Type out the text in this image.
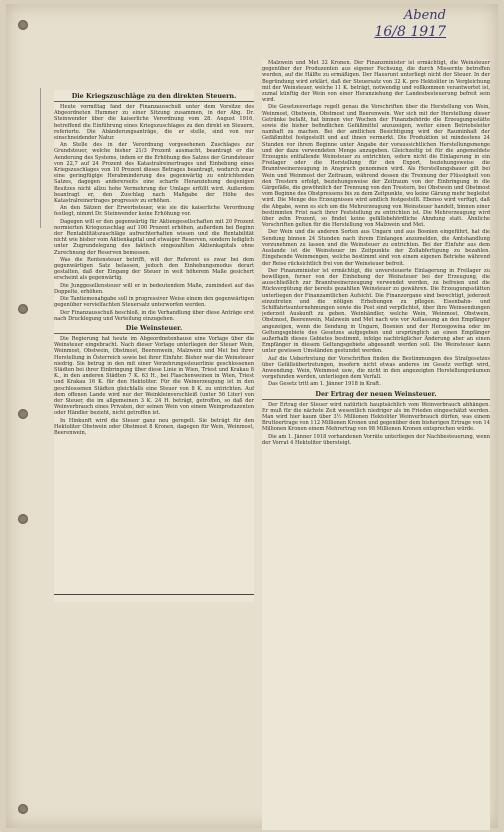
Abend
16/8 1917
Die Kriegszuschläge zu den direkten Steuern.

Heute vormittag fand der Finanzausschuß unter dem Vorsitze des Abgeordneten Hummer zu einer Sitzung zusammen, in der Abg. Dr. Steinwender über die kaiserliche Verordnung vom 28. August 1916, betreffend die Einführung eines Kriegszuschlages zu den direkt en Steuern, referierte. Die Abänderungsanträge, die er stelle, sind von nur einschneidender Natur.

An Stelle des in der Verordnung vorgesehenen Zuschlages zur Grundsteuer, welche bisher 21/3 Prozent ausmacht, beantragt er die Aenderung des Systems, indem er die Erhöhung des Satzes der Grundsteuer von 22,7 auf 24 Prozent des Katastralreinertrages und Einhebung eines Kriegszuschlages von 10 Prozent dieses Betrages beantragt, wodurch zwar eine geringfügige Herabminderung des gegenwärtig zu entrichtenden Satzes, dagegen andererseits eine scharfe Heranziehung desjenigen Besitzes nicht allzu hohe Vermehrung der Umlage erfüllt wird. Außerdem beantragt er, den Zuschlag nach Maßgabe der Höhe des Katastralreinertrages progressiv zu erhöhen.

An den Sätzen der Erwerbsteuer, wie sie die kaiserliche Verordnung festlegt, nimmt Dr. Steinwender keine Erhöhung vor.

Dagegen will er den gegenwärtig für Aktiengesellschaften mit 20 Prozent normierten Kriegszuschlag auf 100 Prozent erhöhen, außerdem bei Beginn der Rentabilitätszuschläge aufrechterhalten wissen und die Rentabilität nicht wie bisher vom Aktienkapital und etwaiger Reserven, sondern lediglich unter Zugrundelegung des faktisch eingezahlten Aktienkapitals ohne Zurechnung der Reserven bemessen.

Was die Rentensteuer betrifft, will der Referent es zwar bei dem gegenwärtigen Satz belassen, jedoch den Einhebungsmodus derart gestalten, daß der Eingang der Steuer in weit höherem Maße gesichert erscheint als gegenwärtig.

Die Junggesellensteuer will er in bedeutendem Maße, zumindest auf das Doppelte, erhöhen.

Die Tantiemenabgabe soll in progressiver Weise einem den gegenwärtigen gegenüber vervielfachten Steuersatz unterworfen werden.

Der Finanzausschuß beschloß, in die Verhandlung über diese Anträge erst nach Drucklegung und Verteilung einzugehen.

Die Weinsteuer.

Die Regierung hat heute im Abgeordnetenhause eine Vorlage über die Weinsteuer eingebracht. Nach dieser Vorlage unterliegen der Steuer Wein, Weinmost, Obstwein, Obstmost, Beerenwein, Malzwein und Met bei ihrer Herstellung in Österreich sowie bei ihrer Einfuhr. Bisher war die Weinsteuer niedrig. Sie betrug in den mit einer Verzehrungssteuerlinie geschlossenen Städten bei ihrer Einbringung über diese Linie in Wien, Triest und Krakau 8 K., in den anderen Städten 7 K. 63 H., bei Flaschenweinen in Wien, Triest und Krakau 16 K. für den Hektoliter. Für die Weinerzeugung ist in den geschlossenen Städten gleichfalls eine Steuer von 8 K. zu entrichten. Auf dem offenen Lande wird nur der Weinkleinverschleiß (unter 56 Liter) von der Steuer, die im allgemeinen 3 K. 24 H. beträgt, getroffen, so daß der Weinverbrauch eines Privaten, der seinen Wein von einem Weinproduzenten oder Händler bezieht, nicht getroffen ist.

In Hinkunft wird die Steuer ganz neu geregelt. Sie beträgt für den Hektoliter Obstwein oder Obstmost 8 Kronen, dagegen für Wein, Weinmost, Beerenwein,

Malzwein und Met 32 Kronen. Der Finanzminister ist ermächtigt, die Weinsteuer gegenüber der Produzenten aus eigener Fechsung, die durch Missernte betroffen werden, auf die Hälfte zu ermäßigen. Der Hausrunt unterliegt nicht der Steuer. In der Begründung wird erklärt, daß der Steuersatz von 32 K. pro Hektoliter in Vergleichung mit der Weinsteuer, welche 11 K. beträgt, notwendig und vollkommen verantwortet ist, zumal künftig der Wein von einer Heranziehung der Landesbesteuerung befreit sein wird.

Die Gesetzesvorlage regelt genau die Vorschriften über die Herstellung von Wein, Weinmost, Obstwein, Obstmost und Beerenwein. Wer sich mit der Herstellung dieser Getränke befaßt, hat binnen vier Wochen der Finanzbehörde die Erzeugungsstätte sowie die bisher befindlichen Gefäßmittel anzuzeigen, weiter einen Betriebsleiter namhaft zu machen. Bei der amtlichen Besichtigung wird der Rauminhalt der Gefäßmittel festgestellt und auf ihnen vermerkt. Die Produktion ist mindestens 24 Stunden vor ihrem Beginne unter Angabe der voraussichtlichen Herstellungsmenge und der dazu verwendeten Menge anzugeben. Gleichzeitig ist für die angemeldete Erzeugnis entfallende Weinsteuer zu entrichten, sofern nicht die Einlagerung in ein Freilager oder die Herstellung für den Export, beziehungsweise die Branntweinerzeugung in Anspruch genommen wird. Als Herstellungsbauer gilt bei Wein und Weinmost der Zeitraum, während dessen die Trennung der Flüssigkeit von den Trestern erfolgt, beziehungsweise der Zeitraum von der Einbringung in die Gärgefäße, die gewöhnlich der Trennung von den Trestern, bei Obstwein und Obstmost vom Beginne des Obstpressens bis zu dem Zeitpunkte, wo keine Gärung mehr begleitet wird. Die Menge des Erzeugnisses wird amtlich festgestellt. Ebenso wird verfügt, daß die Abgabe, wenn es sich um die Mehrerzeugung von Weinsteuer handelt, binnen einer bestimmten Frist nach ihrer Feststellung zu entrichten ist. Die Mehrerzeugung wird über zehn Prozent, so findet keine gefällsbehördliche Ahndung statt. Ähnliche Vorschriften gelten für die Herstellung von Malzwein und Met.

Der Wein und die anderen Sorten aus Ungarn und aus Bosnien eingeführt, hat die Sendung binnen 24 Stunden nach ihrem Einlangen anzumelden, die Amtshandlung vorzunehmen zu lassen und die Weinsteuer zu entrichten. Bei der Einfuhr aus dem Auslande ist die Weinsteuer im Zeitpunkte der Zollabfertigung zu bezahlen. Eingehende Weinmengen, welche bestimmt sind von einem eigenen Betriebe während der Reise rücksichtlich frei von der Weinsteuer befreit.

Der Finanzminister ist ermächtigt, die unversteuerte Einlagerung in Freilager zu bewilligen, ferner von der Einhebung der Weinsteuer bei der Erzeugung, die ausschließlich zur Branntweinerzeugung verwendet werden, zu befreien und die Rückvergütung der bereits gezahlten Weinsteuer zu gewähren. Die Erzeugungsstätten unterliegen der Finanzamtlichen Aufsicht. Die Finanzorgane sind berechtigt, jederzeit einzutreten und die nötigen Erhebungen zu pflegen. Eisenbahn- und Schiffahrtsunternehmungen sowie die Post sind verpflichtet, über ihre Weinsendungen jederzeit Auskunft zu geben. Weinhändler, welche Wein, Weinmost, Obstwein, Obstmost, Beerenwein, Malzwein und Met nach wie vor Auflassung an den Empfänger angezeigen, wenn die Sendung in Ungarn, Bosnien und der Herzegowina oder im Geltungsgebiete des Gesetzes aufgegeben und ursprünglich an einen Empfänger außerhalb dieses Gebietes bestimmt, infolge nachträglicher Änderung aber an einen Empfänger in diesem Geltungsgebiete abgesandt werden soll. Die Weinsteuer kann unter gewissen Umständen gestundet werden.

Auf die Uebertretung der Vorschriften finden die Bestimmungen des Strafgesetzes über Gefällsübertretungen, insofern nicht etwas anderes im Gesetz verfügt wird, Anwendung. Wein, Weinmost usw., die nicht in den angezeigten Herstellungsräumen vorgefunden werden, unterliegen dem Verfall.

Das Gesetz tritt am 1. Jänner 1918 in Kraft.

Der Ertrag der neuen Weinsteuer.

Der Ertrag der Steuer wird natürlich hauptsächlich vom Weinverbrauch abhängen. Er muß für die nächste Zeit wesentlich niedriger als im Frieden eingeschätzt werden. Man wird hier kaum über 3½ Millionen Hektoliter Weinverbrauch dürfen, was einem Bruttoertrage von 112 Millionen Kronen und gegenüber dem bisherigen Ertrage von 14 Millionen Kronen einem Mehrertrag von 98 Millionen Kronen entsprechen würde.

Die am 1. Jänner 1918 vorhandenen Vorräte unterliegen der Nachbesteuerung, wenn der Vorrat 4 Hektoliter übersteigt.
